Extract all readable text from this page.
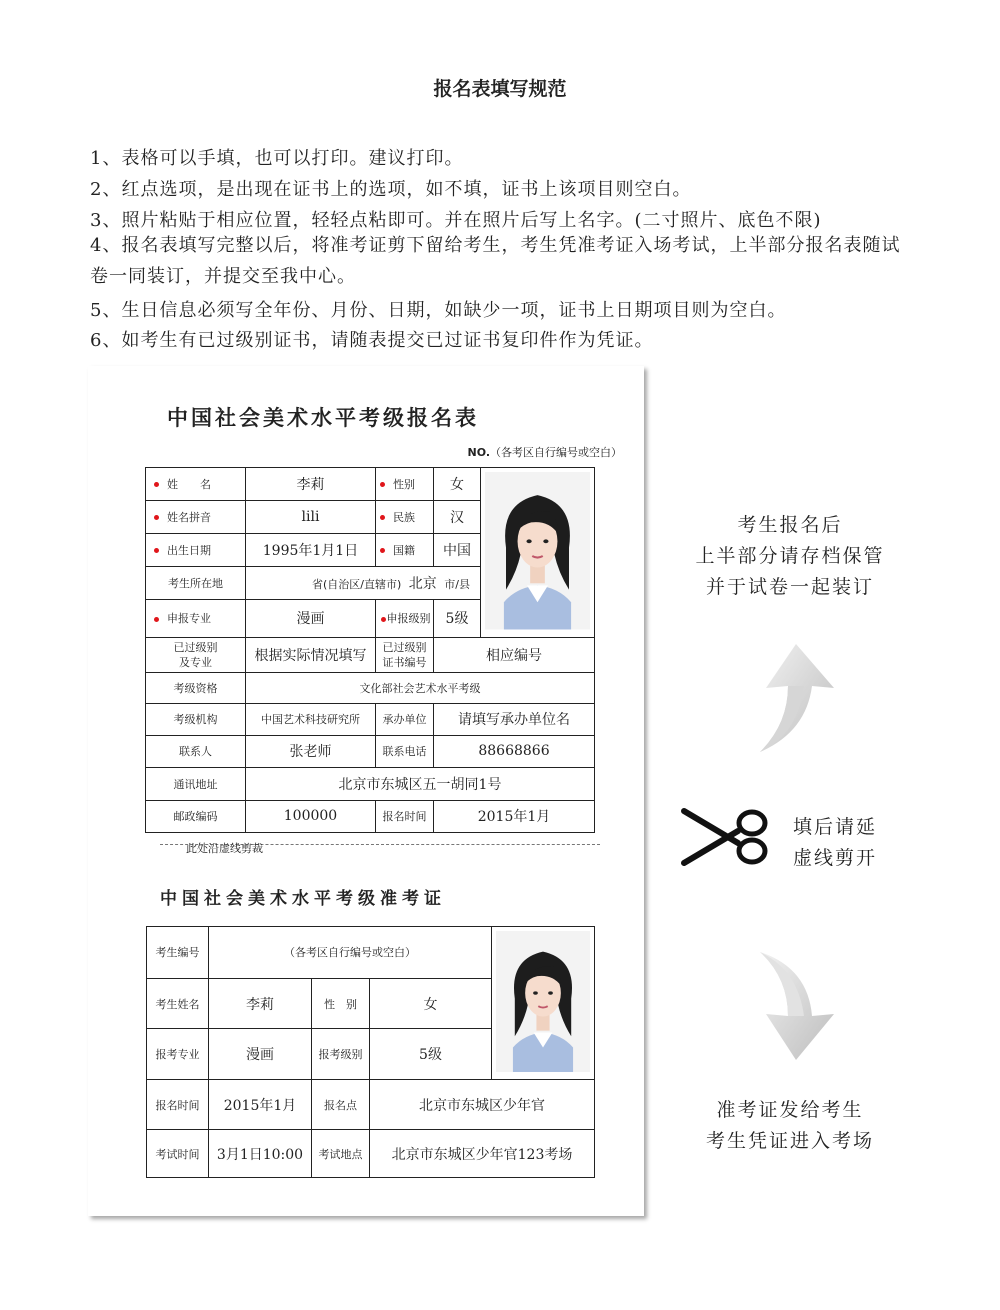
报名表填写规范
1、表格可以手填，也可以打印。建议打印。
2、红点选项，是出现在证书上的选项，如不填，证书上该项目则空白。
3、照片粘贴于相应位置，轻轻点粘即可。并在照片后写上名字。(二寸照片、底色不限)
4、报名表填写完整以后，将准考证剪下留给考生，考生凭准考证入场考试，上半部分报名表随试卷一同装订，并提交至我中心。
5、生日信息必须写全年份、月份、日期，如缺少一项，证书上日期项目则为空白。
6、如考生有已过级别证书，请随表提交已过证书复印件作为凭证。
中国社会美术水平考级报名表
NO.（各考区自行编号或空白）
姓　　名	李莉	性别	女	
姓名拼音	lili	民族	汉	
出生日期	1995年1月1日	国籍	中国	
考生所在地	省(自治区/直辖市) 北京 市/县			
申报专业	漫画	申报级别	5级	
已过级别
及专业	根据实际情况填写	已过级别
证书编号	相应编号	
考级资格	文化部社会艺术水平考级			
考级机构	中国艺术科技研究所	承办单位	请填写承办单位名	
联系人	张老师	联系电话	88668866	
通讯地址	北京市东城区五一胡同1号			
邮政编码	100000	报名时间	2015年1月	
此处沿虚线剪裁
中国社会美术水平考级准考证
考生编号	（各考区自行编号或空白）	
考生姓名	李莉	性　别	女	
报考专业	漫画	报考级别	5级	
报名时间	2015年1月	报名点	北京市东城区少年官	
考试时间	3月1日10:00	考试地点	北京市东城区少年官123考场	
考生报名后
上半部分请存档保管
并于试卷一起装订
填后请延
虚线剪开
准考证发给考生
考生凭证进入考场
